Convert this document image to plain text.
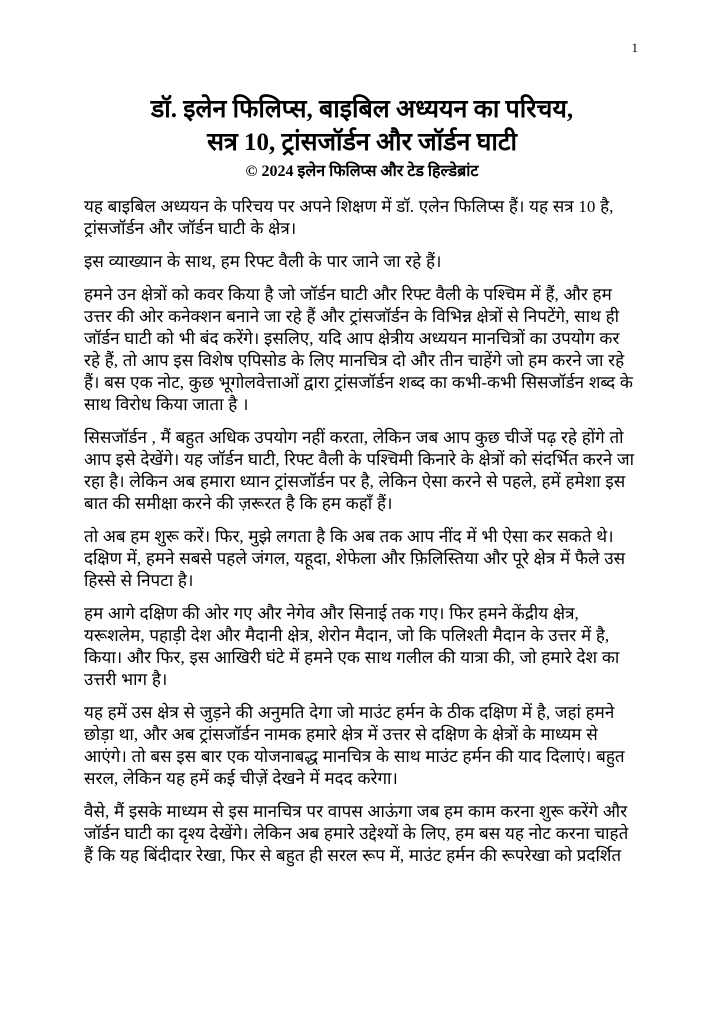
1
डॉ. इलेन फिलिप्स, बाइबिल अध्ययन का परिचय,
सत्र 10, ट्रांसजॉर्डन और जॉर्डन घाटी
© 2024 इलेन फिलिप्स और टेड हिल्डेब्रांट

यह बाइबिल अध्ययन के परिचय पर अपने शिक्षण में डॉ. एलेन फिलिप्स हैं। यह सत्र 10 है, ट्रांसजॉर्डन और जॉर्डन घाटी के क्षेत्र।

इस व्याख्यान के साथ, हम रिफ्ट वैली के पार जाने जा रहे हैं।

हमने उन क्षेत्रों को कवर किया है जो जॉर्डन घाटी और रिफ्ट वैली के पश्चिम में हैं, और हम उत्तर की ओर कनेक्शन बनाने जा रहे हैं और ट्रांसजॉर्डन के विभिन्न क्षेत्रों से निपटेंगे, साथ ही जॉर्डन घाटी को भी बंद करेंगे। इसलिए, यदि आप क्षेत्रीय अध्ययन मानचित्रों का उपयोग कर रहे हैं, तो आप इस विशेष एपिसोड के लिए मानचित्र दो और तीन चाहेंगे जो हम करने जा रहे हैं। बस एक नोट, कुछ भूगोलवेत्ताओं द्वारा ट्रांसजॉर्डन शब्द का कभी-कभी सिसजॉर्डन शब्द के साथ विरोध किया जाता है ।

सिसजॉर्डन , मैं बहुत अधिक उपयोग नहीं करता, लेकिन जब आप कुछ चीजें पढ़ रहे होंगे तो आप इसे देखेंगे। यह जॉर्डन घाटी, रिफ्ट वैली के पश्चिमी किनारे के क्षेत्रों को संदर्भित करने जा रहा है। लेकिन अब हमारा ध्यान ट्रांसजॉर्डन पर है, लेकिन ऐसा करने से पहले, हमें हमेशा इस बात की समीक्षा करने की ज़रूरत है कि हम कहाँ हैं।

तो अब हम शुरू करें। फिर, मुझे लगता है कि अब तक आप नींद में भी ऐसा कर सकते थे। दक्षिण में, हमने सबसे पहले जंगल, यहूदा, शेफेला और फ़िलिस्तिया और पूरे क्षेत्र में फैले उस हिस्से से निपटा है।

हम आगे दक्षिण की ओर गए और नेगेव और सिनाई तक गए। फिर हमने केंद्रीय क्षेत्र, यरूशलेम, पहाड़ी देश और मैदानी क्षेत्र, शेरोन मैदान, जो कि पलिश्ती मैदान के उत्तर में है, किया। और फिर, इस आखिरी घंटे में हमने एक साथ गलील की यात्रा की, जो हमारे देश का उत्तरी भाग है।

यह हमें उस क्षेत्र से जुड़ने की अनुमति देगा जो माउंट हर्मन के ठीक दक्षिण में है, जहां हमने छोड़ा था, और अब ट्रांसजॉर्डन नामक हमारे क्षेत्र में उत्तर से दक्षिण के क्षेत्रों के माध्यम से आएंगे। तो बस इस बार एक योजनाबद्ध मानचित्र के साथ माउंट हर्मन की याद दिलाएं। बहुत सरल, लेकिन यह हमें कई चीज़ें देखने में मदद करेगा।

वैसे, मैं इसके माध्यम से इस मानचित्र पर वापस आऊंगा जब हम काम करना शुरू करेंगे और जॉर्डन घाटी का दृश्य देखेंगे। लेकिन अब हमारे उद्देश्यों के लिए, हम बस यह नोट करना चाहते हैं कि यह बिंदीदार रेखा, फिर से बहुत ही सरल रूप में, माउंट हर्मन की रूपरेखा को प्रदर्शित
